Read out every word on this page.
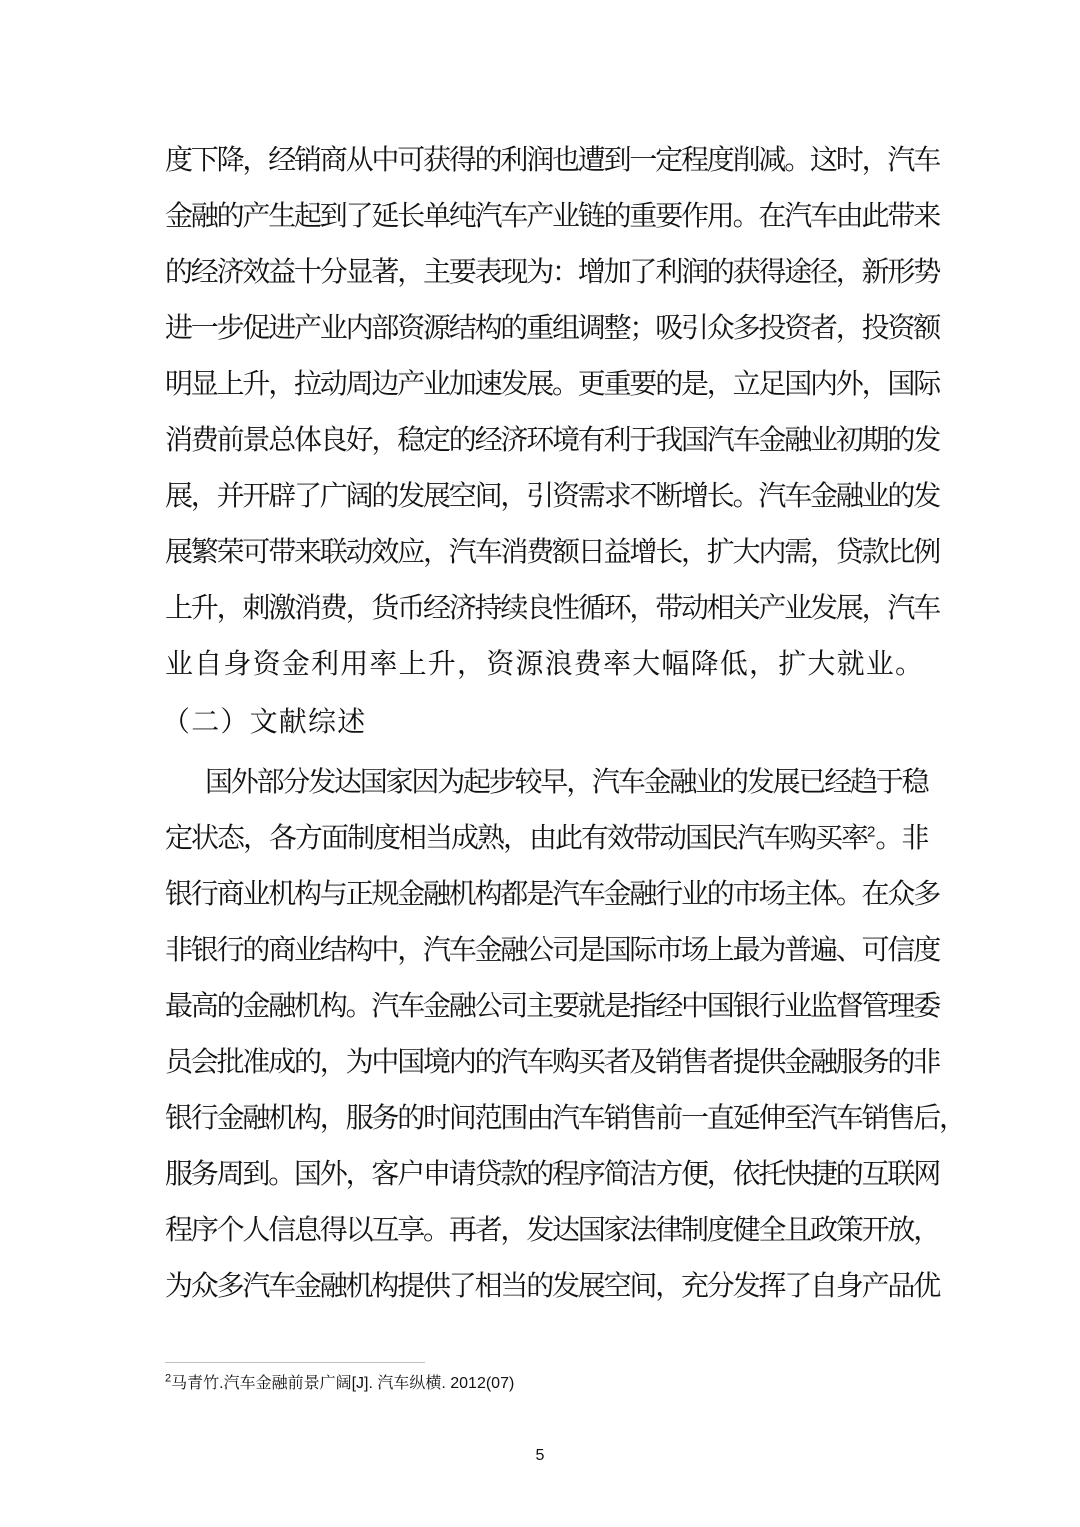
度下降，经销商从中可获得的利润也遭到一定程度削减。这时，汽车
金融的产生起到了延长单纯汽车产业链的重要作用。在汽车由此带来
的经济效益十分显著，主要表现为：增加了利润的获得途径，新形势
进一步促进产业内部资源结构的重组调整；吸引众多投资者，投资额
明显上升，拉动周边产业加速发展。更重要的是，立足国内外，国际
消费前景总体良好，稳定的经济环境有利于我国汽车金融业初期的发
展，并开辟了广阔的发展空间，引资需求不断增长。汽车金融业的发
展繁荣可带来联动效应，汽车消费额日益增长，扩大内需，贷款比例
上升，刺激消费，货币经济持续良性循环，带动相关产业发展，汽车
业自身资金利用率上升，资源浪费率大幅降低，扩大就业。
（二）文献综述
国外部分发达国家因为起步较早，汽车金融业的发展已经趋于稳
定状态，各方面制度相当成熟，由此有效带动国民汽车购买率$^2$。非
银行商业机构与正规金融机构都是汽车金融行业的市场主体。在众多
非银行的商业结构中，汽车金融公司是国际市场上最为普遍、可信度
最高的金融机构。汽车金融公司主要就是指经中国银行业监督管理委
员会批准成的，为中国境内的汽车购买者及销售者提供金融服务的非
银行金融机构，服务的时间范围由汽车销售前一直延伸至汽车销售后，
服务周到。国外，客户申请贷款的程序简洁方便，依托快捷的互联网
程序个人信息得以互享。再者，发达国家法律制度健全且政策开放，
为众多汽车金融机构提供了相当的发展空间，充分发挥了自身产品优
$^2$马青竹.汽车金融前景广阔[J]. 汽车纵横. 2012(07)
5
